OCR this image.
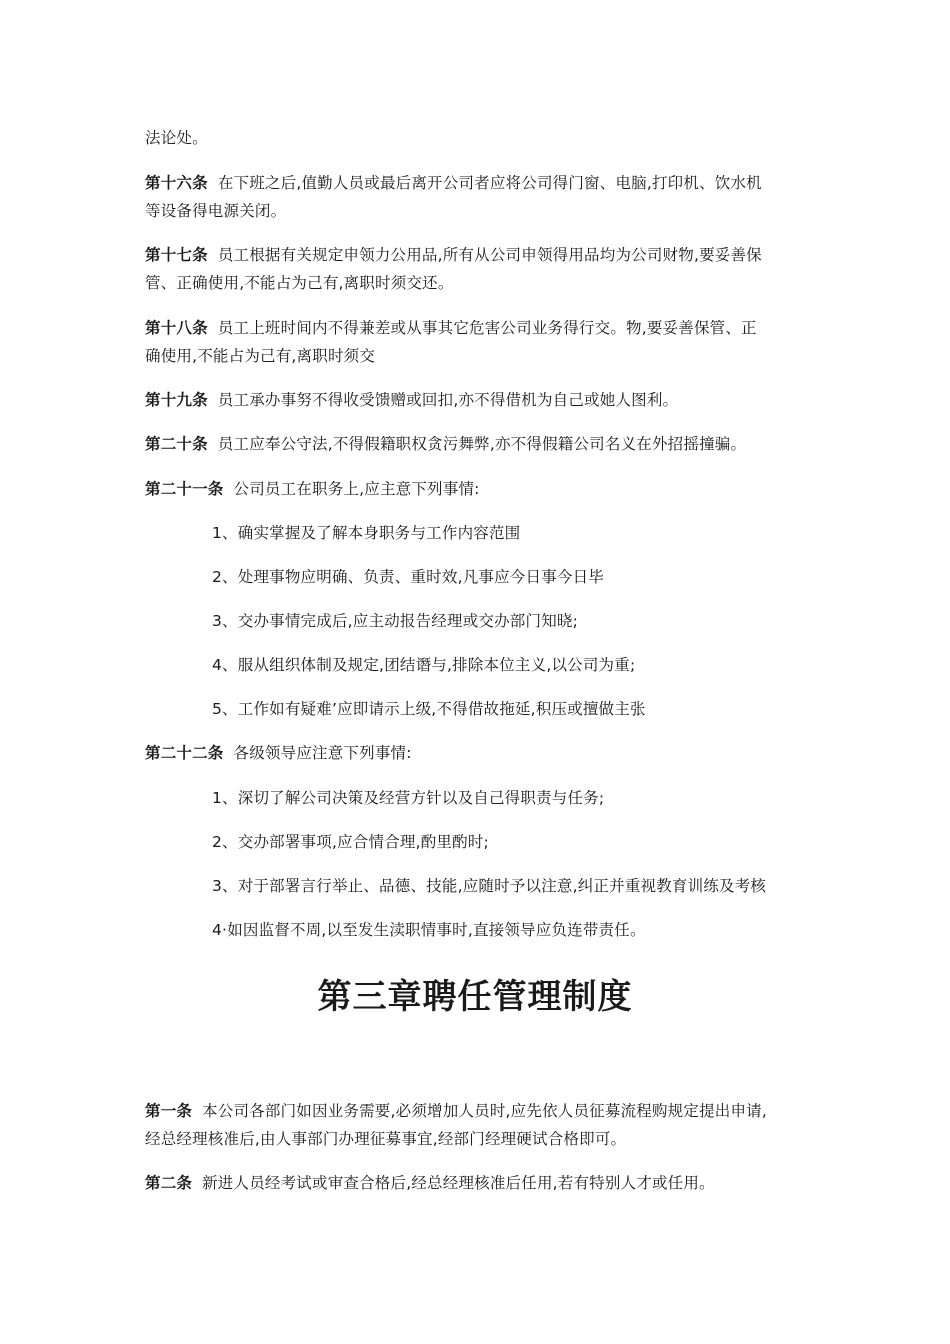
法论处。
第十六条 在下班之后,值勤人员或最后离开公司者应将公司得门窗、电脑,打印机、饮水机
等设备得电源关闭。
第十七条 员工根据有关规定申领力公用品,所有从公司申领得用品均为公司财物,要妥善保
管、正确使用,不能占为己有,离职时须交还。
第十八条 员工上班时间内不得兼差或从事其它危害公司业务得行交。物,要妥善保管、正
确使用,不能占为己有,离职时须交
第十九条 员工承办事努不得收受馈赠或回扣,亦不得借机为自己或她人图利。
第二十条 员工应奉公守法,不得假籍职权贪污舞弊,亦不得假籍公司名义在外招摇撞骗。
第二十一条 公司员工在职务上,应主意下列事情:
1、确实掌握及了解本身职务与工作内容范围
2、处理事物应明确、负责、重时效,凡事应今日事今日毕
3、交办事情完成后,应主动报告经理或交办部门知晓;
4、服从组织体制及规定,团结谮与,排除本位主义,以公司为重;
5、工作如有疑难’应即请示上级,不得借故拖延,积压或擅做主张
第二十二条 各级领导应注意下列事情:
1、深切了解公司决策及经营方针以及自己得职责与任务;
2、交办部署事项,应合情合理,酌里酌时;
3、对于部署言行举止、品德、技能,应随时予以注意,纠正并重视教育训练及考核
4·如因监督不周,以至发生渎职情事时,直接领导应负连带责任。
第三章聘任管理制度
第一条 本公司各部门如因业务需要,必须增加人员时,应先依人员征募流程购规定提出申请,
经总经理核准后,由人事部门办理征募事宜,经部门经理硬试合格即可。
第二条 新进人员经考试或审查合格后,经总经理核准后任用,若有特别人才或任用。
